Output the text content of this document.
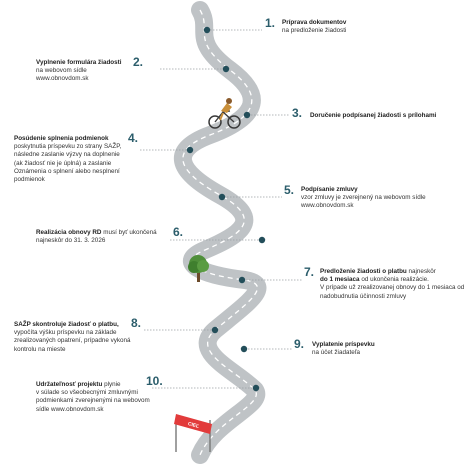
CIEĽ
1. Príprava dokumentov
na predloženie žiadosti
2.
Vyplnenie formulára žiadosti
na webovom sídle www.obnovdom.sk
3. Doručenie podpísanej žiadosti s prílohami
4.
Posúdenie splnenia podmienok
poskytnutia príspevku zo strany SAŽP, následne zaslanie výzvy na doplnenie (ak žiadosť nie je úplná) a zaslanie Oznámenia o splnení alebo nesplnení podmienok
5. Podpísanie zmluvy
vzor zmluvy je zverejnený na webovom sídle www.obnovdom.sk
6.
Realizácia obnovy RD musí byť ukončená
najneskôr do 31. 3. 2026
7. Predloženie žiadosti o platbu najneskôr
do 1 mesiaca od ukončenia realizácie.
V prípade už zrealizovanej obnovy do 1 mesiaca od nadobudnutia účinnosti zmluvy
8.
SAŽP skontroluje žiadosť o platbu,
vypočíta výšku príspevku na základe zrealizovaných opatrení, prípadne vykoná kontrolu na mieste	9. Vyplatenie príspevku
na účet žiadateľa
10.
Udržateľnosť projektu plynie
v súlade so všeobecnými zmluvnými podmienkami zverejnenými na webovom sídle www.obnovdom.sk
